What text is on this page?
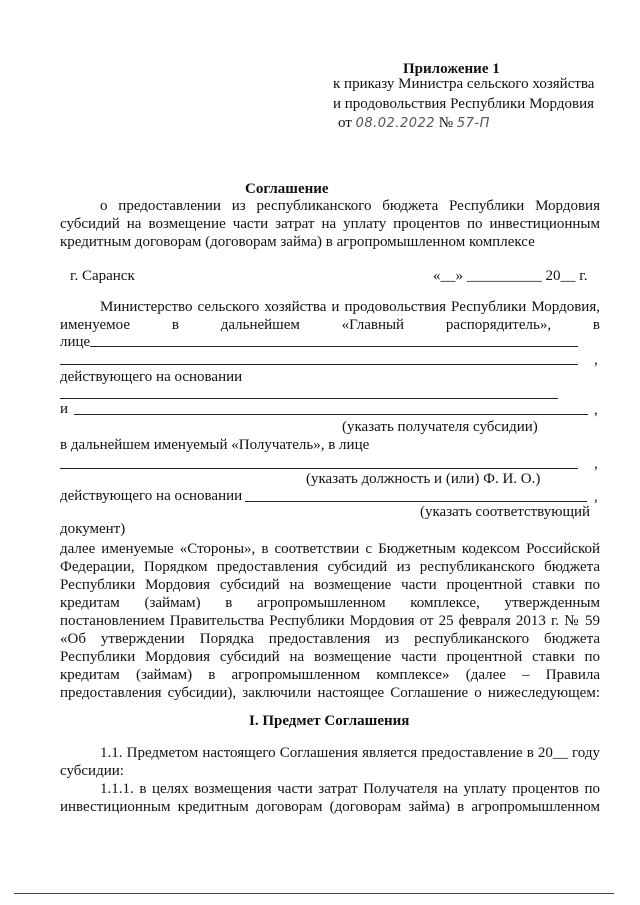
Приложение 1
к приказу Министра сельского хозяйства
и продовольствия Республики Мордовия
от 08.02.2022 № 57-П
Соглашение
о предоставлении из республиканского бюджета Республики Мордовия
субсидий на возмещение части затрат на уплату процентов по инвестиционным
кредитным договорам (договорам займа) в агропромышленном комплексе
г. Саранск	«__» __________ 20__ г.
Министерство сельского хозяйства и продовольствия Республики Мордовия,
именуемое в дальнейшем «Главный распорядитель», в
лице
,
действующего на основании
и	,
(указать получателя субсидии)
в дальнейшем именуемый «Получатель», в лице
,
(указать должность и (или) Ф. И. О.)
действующего на основании	,
(указать соответствующий
документ)
далее именуемые «Стороны», в соответствии с Бюджетным кодексом Российской
Федерации, Порядком предоставления субсидий из республиканского бюджета
Республики Мордовия субсидий на возмещение части процентной ставки по
кредитам (займам) в агропромышленном комплексе, утвержденным
постановлением Правительства Республики Мордовия от 25 февраля 2013 г. № 59
«Об утверждении Порядка предоставления из республиканского бюджета
Республики Мордовия субсидий на возмещение части процентной ставки по
кредитам (займам) в агропромышленном комплексе» (далее – Правила
предоставления субсидии), заключили настоящее Соглашение о нижеследующем:
I. Предмет Соглашения
1.1. Предметом настоящего Соглашения является предоставление в 20__ году
субсидии:
1.1.1. в целях возмещения части затрат Получателя на уплату процентов по
инвестиционным кредитным договорам (договорам займа) в агропромышленном
